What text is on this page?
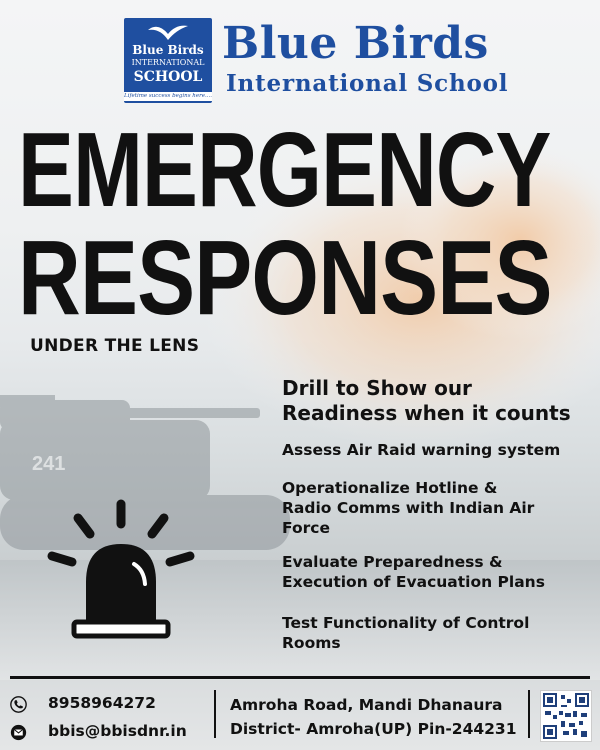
241
Blue Birds
INTERNATIONAL
SCHOOL
Lifetime success begins here....
Blue Birds
International School
EMERGENCY
RESPONSES
UNDER THE LENS
Drill to Show our
Readiness when it counts
Assess Air Raid warning system
Operationalize Hotline &
Radio Comms with Indian Air
Force
Evaluate Preparedness &
Execution of Evacuation Plans
Test Functionality of Control
Rooms
8958964272
bbis@bbisdnr.in
Amroha Road, Mandi Dhanaura
District- Amroha(UP) Pin-244231
